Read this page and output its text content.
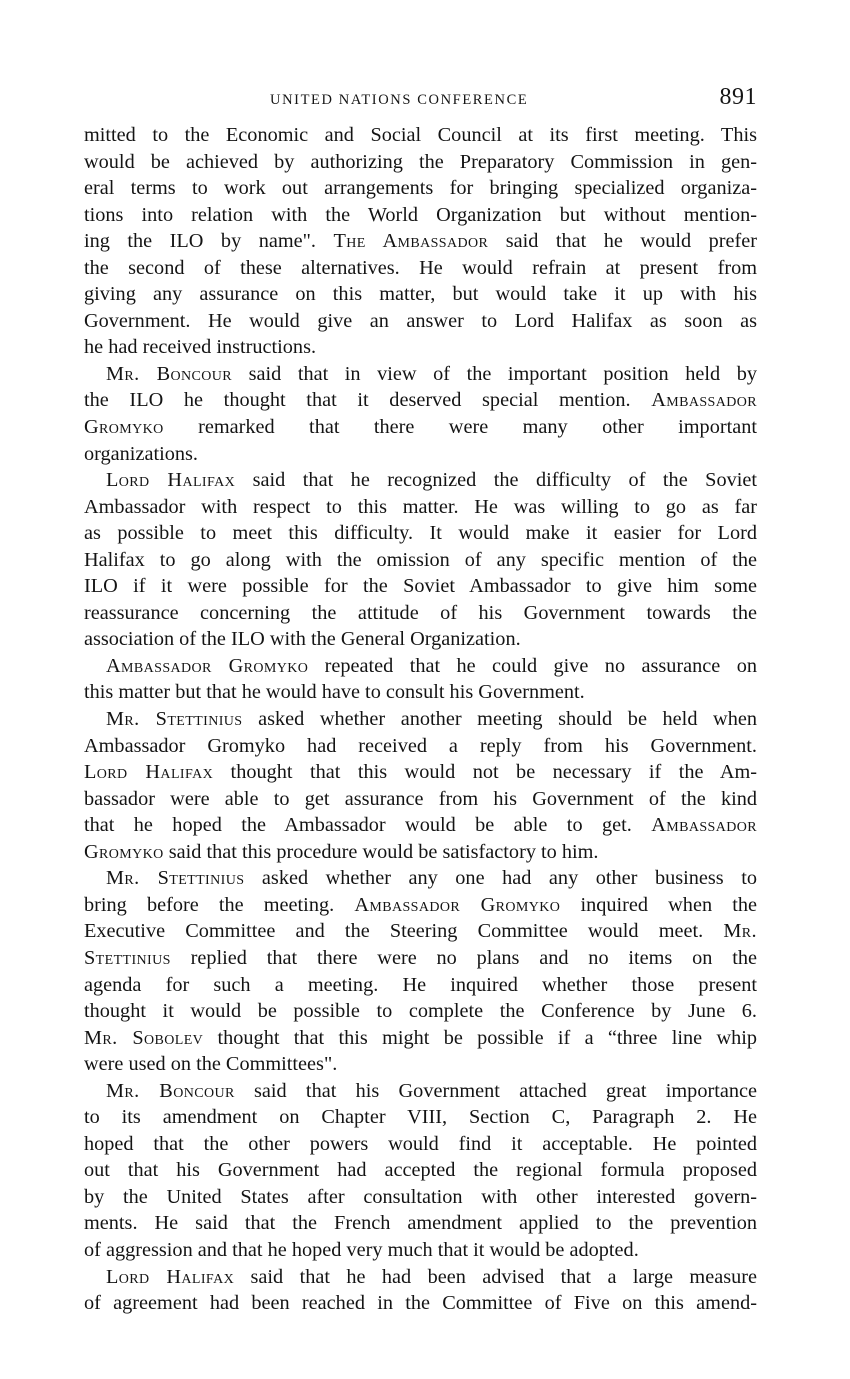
UNITED NATIONS CONFERENCE	891
mitted to the Economic and Social Council at its first meeting. This
would be achieved by authorizing the Preparatory Commission in gen-
eral terms to work out arrangements for bringing specialized organiza-
tions into relation with the World Organization but without mention-
ing the ILO by name". The Ambassador said that he would prefer
the second of these alternatives. He would refrain at present from
giving any assurance on this matter, but would take it up with his
Government. He would give an answer to Lord Halifax as soon as
he had received instructions.
Mr. Boncour said that in view of the important position held by
the ILO he thought that it deserved special mention. Ambassador
Gromyko remarked that there were many other important
organizations.
Lord Halifax said that he recognized the difficulty of the Soviet
Ambassador with respect to this matter. He was willing to go as far
as possible to meet this difficulty. It would make it easier for Lord
Halifax to go along with the omission of any specific mention of the
ILO if it were possible for the Soviet Ambassador to give him some
reassurance concerning the attitude of his Government towards the
association of the ILO with the General Organization.
Ambassador Gromyko repeated that he could give no assurance on
this matter but that he would have to consult his Government.
Mr. Stettinius asked whether another meeting should be held when
Ambassador Gromyko had received a reply from his Government.
Lord Halifax thought that this would not be necessary if the Am-
bassador were able to get assurance from his Government of the kind
that he hoped the Ambassador would be able to get. Ambassador
Gromyko said that this procedure would be satisfactory to him.
Mr. Stettinius asked whether any one had any other business to
bring before the meeting. Ambassador Gromyko inquired when the
Executive Committee and the Steering Committee would meet. Mr.
Stettinius replied that there were no plans and no items on the
agenda for such a meeting. He inquired whether those present
thought it would be possible to complete the Conference by June 6.
Mr. Sobolev thought that this might be possible if a “three line whip
were used on the Committees".
Mr. Boncour said that his Government attached great importance
to its amendment on Chapter VIII, Section C, Paragraph 2. He
hoped that the other powers would find it acceptable. He pointed
out that his Government had accepted the regional formula proposed
by the United States after consultation with other interested govern-
ments. He said that the French amendment applied to the prevention
of aggression and that he hoped very much that it would be adopted.
Lord Halifax said that he had been advised that a large measure
of agreement had been reached in the Committee of Five on this amend-
